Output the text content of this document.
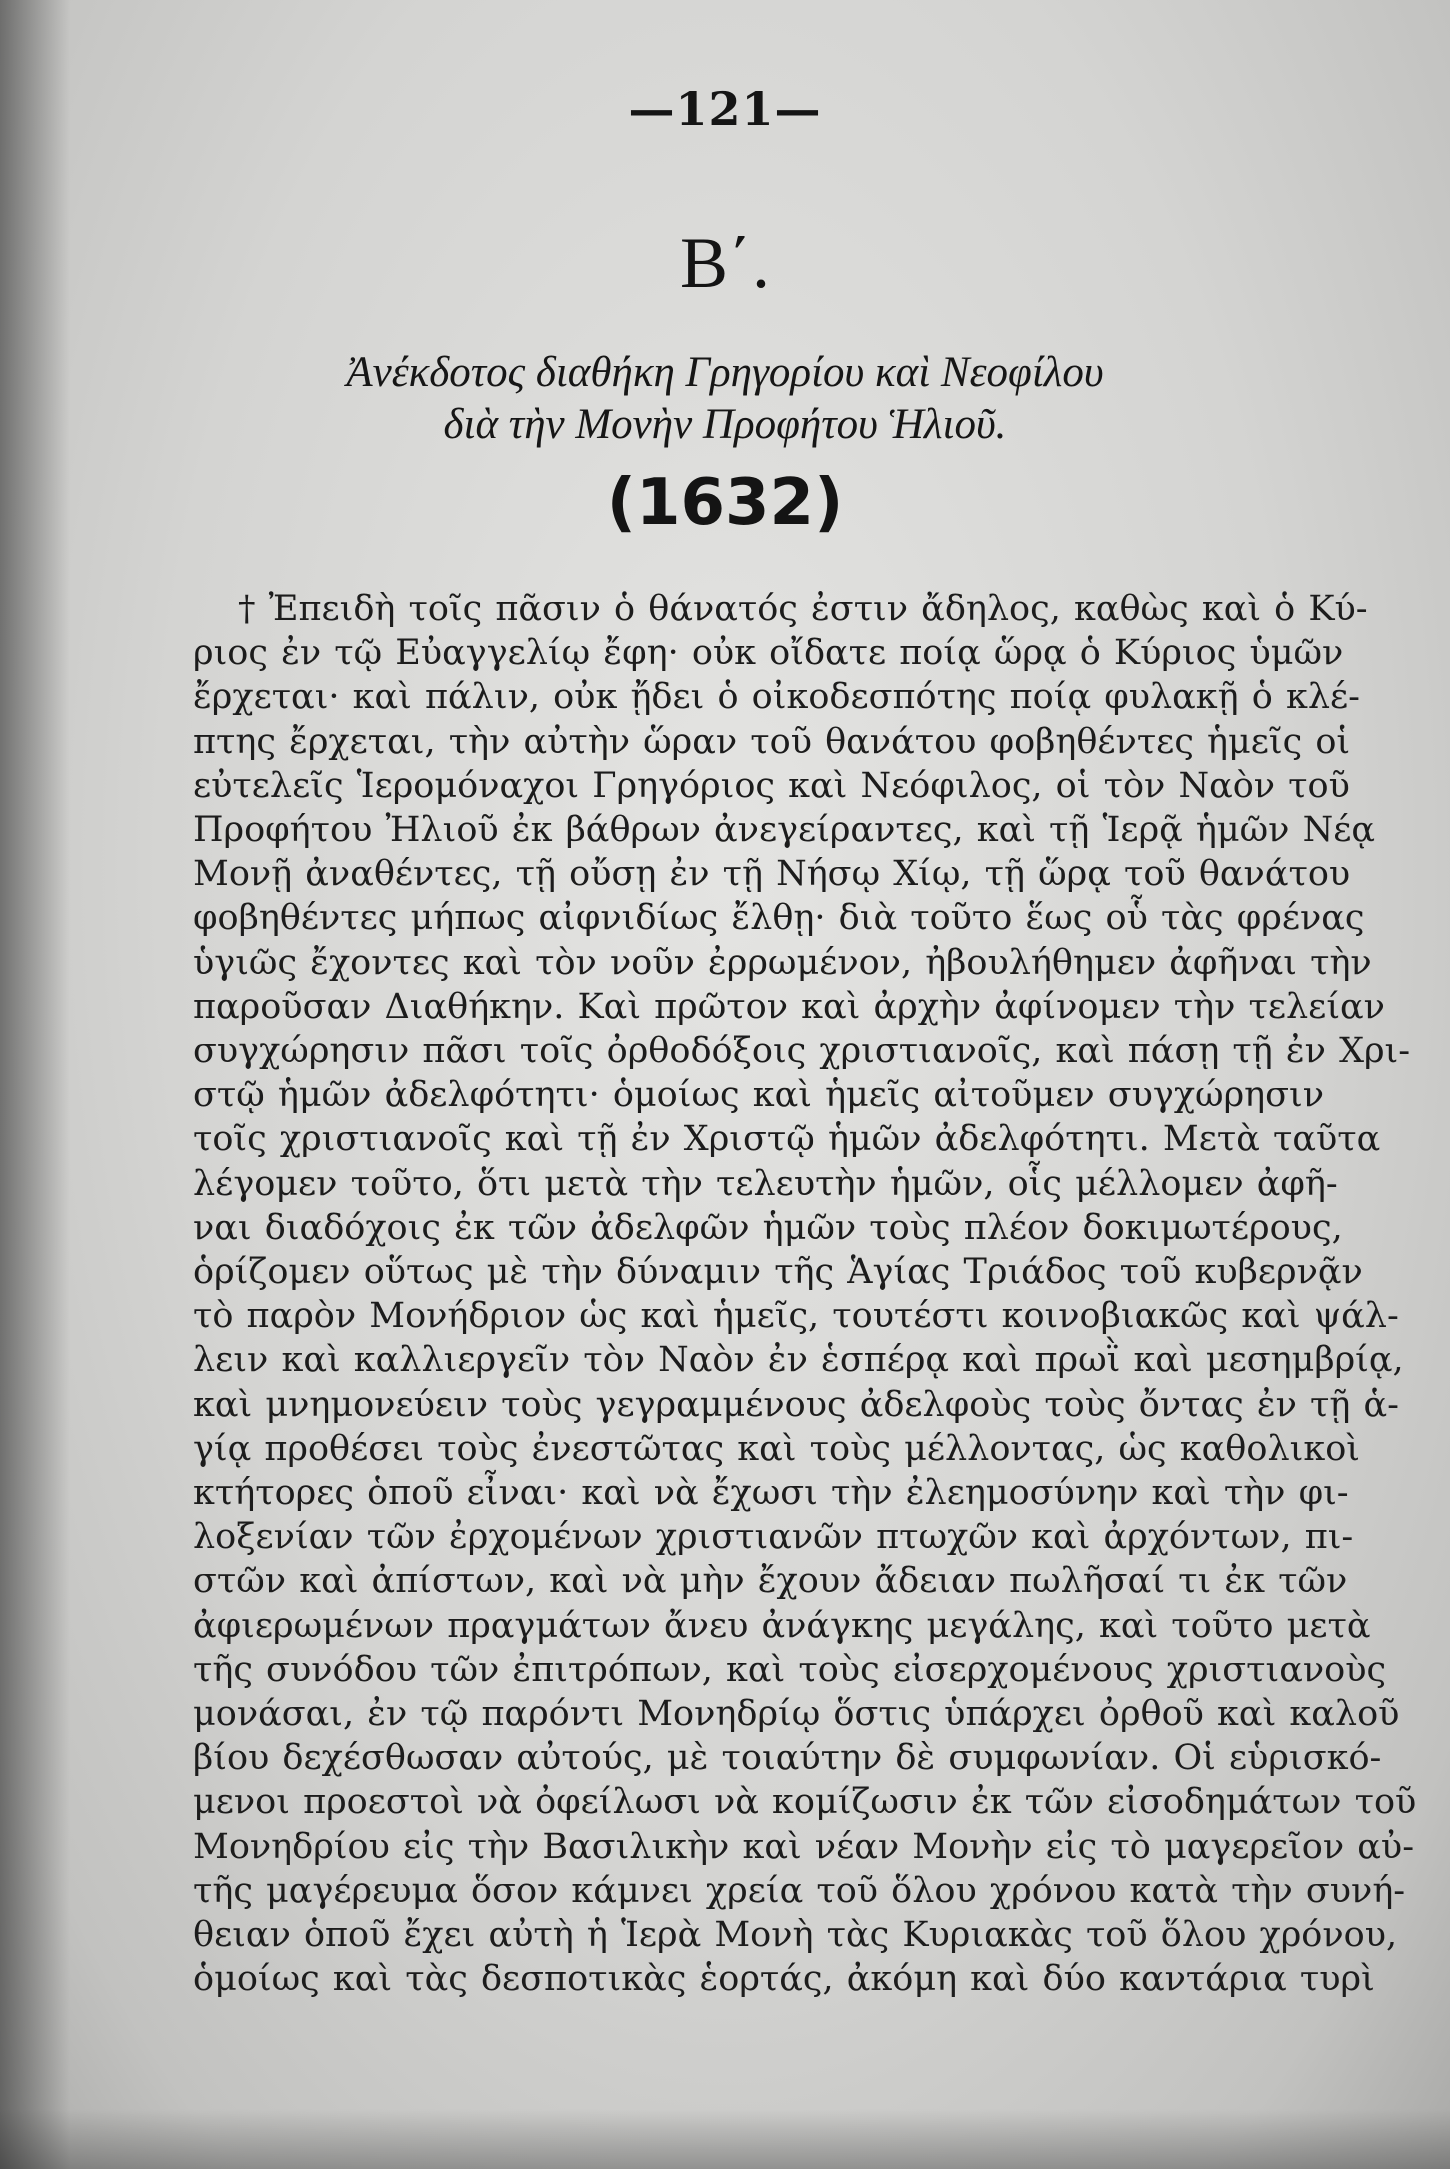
—121—
Β΄.
Ἀνέκδοτος διαθήκη Γρηγορίου καὶ Νεοφίλου
διὰ τὴν Μονὴν Προφήτου Ἡλιοῦ.
(1632)
† Ἐπειδὴ τοῖς πᾶσιν ὁ θάνατός ἐστιν ἄδηλος, καθὼς καὶ ὁ Κύ-
ριος ἐν τῷ Εὐαγγελίῳ ἔφη· οὐκ οἴδατε ποίᾳ ὥρᾳ ὁ Κύριος ὑμῶν
ἔρχεται· καὶ πάλιν, οὐκ ᾔδει ὁ οἰκοδεσπότης ποίᾳ φυλακῇ ὁ κλέ-
πτης ἔρχεται, τὴν αὐτὴν ὥραν τοῦ θανάτου φοβηθέντες ἡμεῖς οἱ
εὐτελεῖς Ἱερομόναχοι Γρηγόριος καὶ Νεόφιλος, οἱ τὸν Ναὸν τοῦ
Προφήτου Ἠλιοῦ ἐκ βάθρων ἀνεγείραντες, καὶ τῇ Ἱερᾷ ἡμῶν Νέᾳ
Μονῇ ἀναθέντες, τῇ οὔσῃ ἐν τῇ Νήσῳ Χίῳ, τῇ ὥρᾳ τοῦ θανάτου
φοβηθέντες μήπως αἰφνιδίως ἔλθῃ· διὰ τοῦτο ἕως οὗ τὰς φρένας
ὑγιῶς ἔχοντες καὶ τὸν νοῦν ἐρρωμένον, ἠβουλήθημεν ἀφῆναι τὴν
παροῦσαν Διαθήκην. Καὶ πρῶτον καὶ ἀρχὴν ἀφίνομεν τὴν τελείαν
συγχώρησιν πᾶσι τοῖς ὀρθοδόξοις χριστιανοῖς, καὶ πάσῃ τῇ ἐν Χρι-
στῷ ἡμῶν ἀδελφότητι· ὁμοίως καὶ ἡμεῖς αἰτοῦμεν συγχώρησιν
τοῖς χριστιανοῖς καὶ τῇ ἐν Χριστῷ ἡμῶν ἀδελφότητι. Μετὰ ταῦτα
λέγομεν τοῦτο, ὅτι μετὰ τὴν τελευτὴν ἡμῶν, οἷς μέλλομεν ἀφῆ-
ναι διαδόχοις ἐκ τῶν ἀδελφῶν ἡμῶν τοὺς πλέον δοκιμωτέρους,
ὁρίζομεν οὕτως μὲ τὴν δύναμιν τῆς Ἁγίας Τριάδος τοῦ κυβερνᾷν
τὸ παρὸν Μονήδριον ὡς καὶ ἡμεῖς, τουτέστι κοινοβιακῶς καὶ ψάλ-
λειν καὶ καλλιεργεῖν τὸν Ναὸν ἐν ἑσπέρᾳ καὶ πρωῒ καὶ μεσημβρίᾳ,
καὶ μνημονεύειν τοὺς γεγραμμένους ἀδελφοὺς τοὺς ὄντας ἐν τῇ ἁ-
γίᾳ προθέσει τοὺς ἐνεστῶτας καὶ τοὺς μέλλοντας, ὡς καθολικοὶ
κτήτορες ὁποῦ εἶναι· καὶ νὰ ἔχωσι τὴν ἐλεημοσύνην καὶ τὴν φι-
λοξενίαν τῶν ἐρχομένων χριστιανῶν πτωχῶν καὶ ἀρχόντων, πι-
στῶν καὶ ἀπίστων, καὶ νὰ μὴν ἔχουν ἄδειαν πωλῆσαί τι ἐκ τῶν
ἀφιερωμένων πραγμάτων ἄνευ ἀνάγκης μεγάλης, καὶ τοῦτο μετὰ
τῆς συνόδου τῶν ἐπιτρόπων, καὶ τοὺς εἰσερχομένους χριστιανοὺς
μονάσαι, ἐν τῷ παρόντι Μονηδρίῳ ὅστις ὑπάρχει ὀρθοῦ καὶ καλοῦ
βίου δεχέσθωσαν αὐτούς, μὲ τοιαύτην δὲ συμφωνίαν. Οἱ εὑρισκό-
μενοι προεστοὶ νὰ ὀφείλωσι νὰ κομίζωσιν ἐκ τῶν εἰσοδημάτων τοῦ
Μονηδρίου εἰς τὴν Βασιλικὴν καὶ νέαν Μονὴν εἰς τὸ μαγερεῖον αὐ-
τῆς μαγέρευμα ὅσον κάμνει χρεία τοῦ ὅλου χρόνου κατὰ τὴν συνή-
θειαν ὁποῦ ἔχει αὐτὴ ἡ Ἱερὰ Μονὴ τὰς Κυριακὰς τοῦ ὅλου χρόνου,
ὁμοίως καὶ τὰς δεσποτικὰς ἑορτάς, ἀκόμη καὶ δύο καντάρια τυρὶ
